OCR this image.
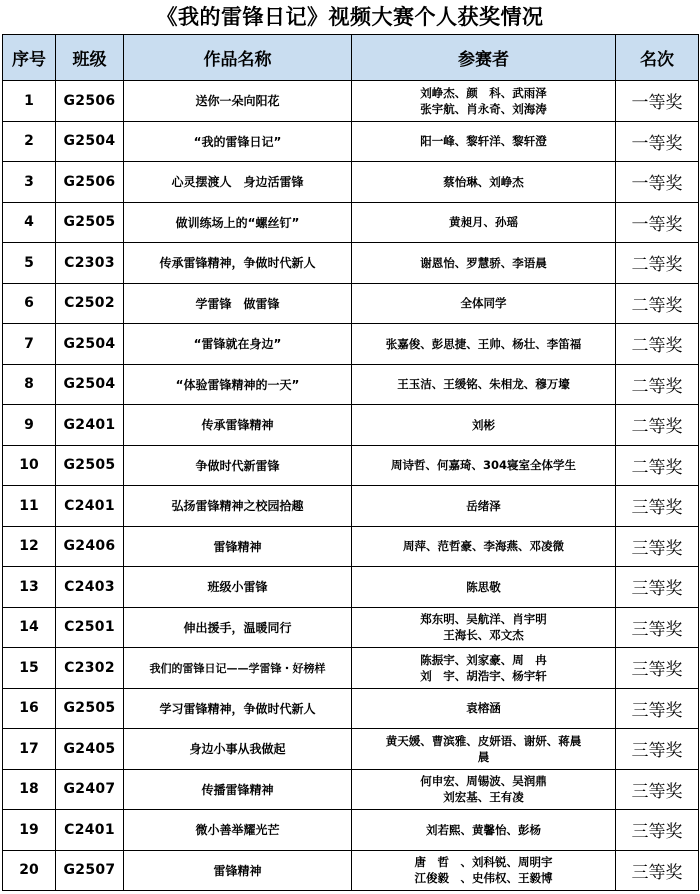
《我的雷锋日记》视频大赛个人获奖情况
序号	班级	作品名称	参赛者	名次
1	G2506	送你一朵向阳花	刘峥杰、颜　科、武雨泽
张宇航、肖永奇、刘海涛	一等奖
2	G2504	“我的雷锋日记”	阳一峰、黎轩洋、黎轩澄	一等奖
3	G2506	心灵摆渡人　身边活雷锋	蔡怡琳、刘峥杰	一等奖
4	G2505	做训练场上的“螺丝钉”	黄昶月、孙瑶	一等奖
5	C2303	传承雷锋精神，争做时代新人	谢恩怡、罗慧骄、李语晨	二等奖
6	C2502	学雷锋　做雷锋	全体同学	二等奖
7	G2504	“雷锋就在身边”	张嘉俊、彭思捷、王帅、杨壮、李笛福	二等奖
8	G2504	“体验雷锋精神的一天”	王玉洁、王缓铭、朱相龙、穆万壕	二等奖
9	G2401	传承雷锋精神	刘彬	二等奖
10	G2505	争做时代新雷锋	周诗哲、何嘉琦、304寝室全体学生	二等奖
11	C2401	弘扬雷锋精神之校园拾趣	岳绪泽	三等奖
12	G2406	雷锋精神	周萍、范哲豪、李海燕、邓凌微	三等奖
13	C2403	班级小雷锋	陈思敬	三等奖
14	C2501	伸出援手，温暖同行	郑东明、吴航洋、肖宇明
王海长、邓文杰	三等奖
15	C2302	我们的雷锋日记——学雷锋・好榜样	陈振宇、刘家豪、周　冉
刘　宇、胡浩宇、杨宇轩	三等奖
16	G2505	学习雷锋精神，争做时代新人	袁榕涵	三等奖
17	G2405	身边小事从我做起	黄天媛、曹滨雅、皮妍语、谢妍、蒋晨
晨	三等奖
18	G2407	传播雷锋精神	何申宏、周锡波、吴润鼎
刘宏基、王有凌	三等奖
19	C2401	微小善举耀光芒	刘若熙、黄馨怡、彭杨	三等奖
20	G2507	雷锋精神	唐　哲　、刘科锐、周明宇
江俊毅　、史伟权、王毅博	三等奖
